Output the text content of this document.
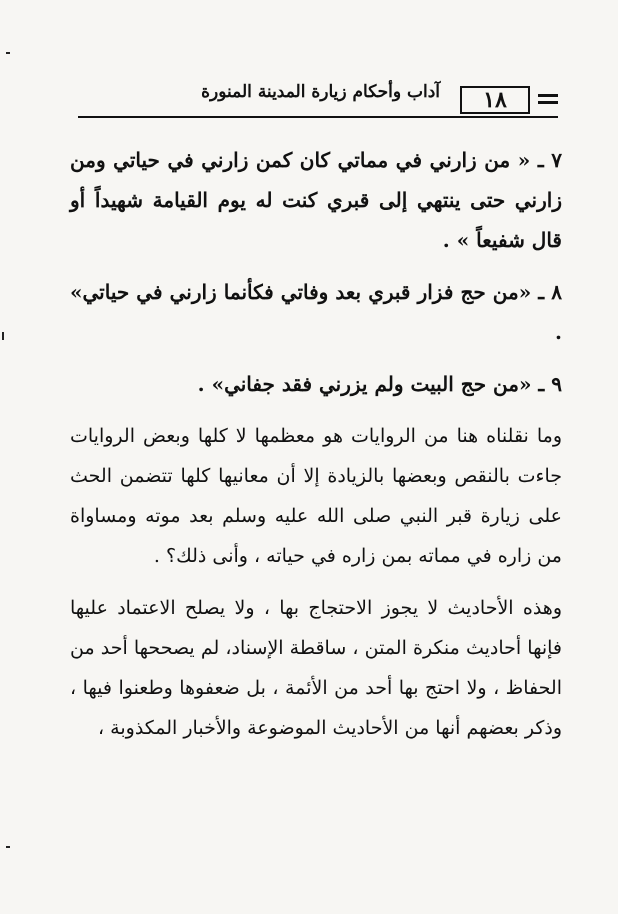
١٨
آداب وأحكام زيارة المدينة المنورة

٧ ـ « من زارني في مماتي كان كمن زارني في حياتي ومن زارني حتى ينتهي إلى قبري كنت له يوم القيامة شهيداً أو قال شفيعاً » .

٨ ـ «من حج فزار قبري بعد وفاتي فكأنما زارني في حياتي» .

٩ ـ «من حج البيت ولم يزرني فقد جفاني» .

وما نقلناه هنا من الروايات هو معظمها لا كلها وبعض الروايات جاءت بالنقص وبعضها بالزيادة إلا أن معانيها كلها تتضمن الحث على زيارة قبر النبي صلى الله عليه وسلم بعد موته ومساواة من زاره في مماته بمن زاره في حياته ، وأنى ذلك؟ .

وهذه الأحاديث لا يجوز الاحتجاج بها ، ولا يصلح الاعتماد عليها فإنها أحاديث منكرة المتن ، ساقطة الإسناد، لم يصححها أحد من الحفاظ ، ولا احتج بها أحد من الأئمة ، بل ضعفوها وطعنوا فيها ، وذكر بعضهم أنها من الأحاديث الموضوعة والأخبار المكذوبة ،
